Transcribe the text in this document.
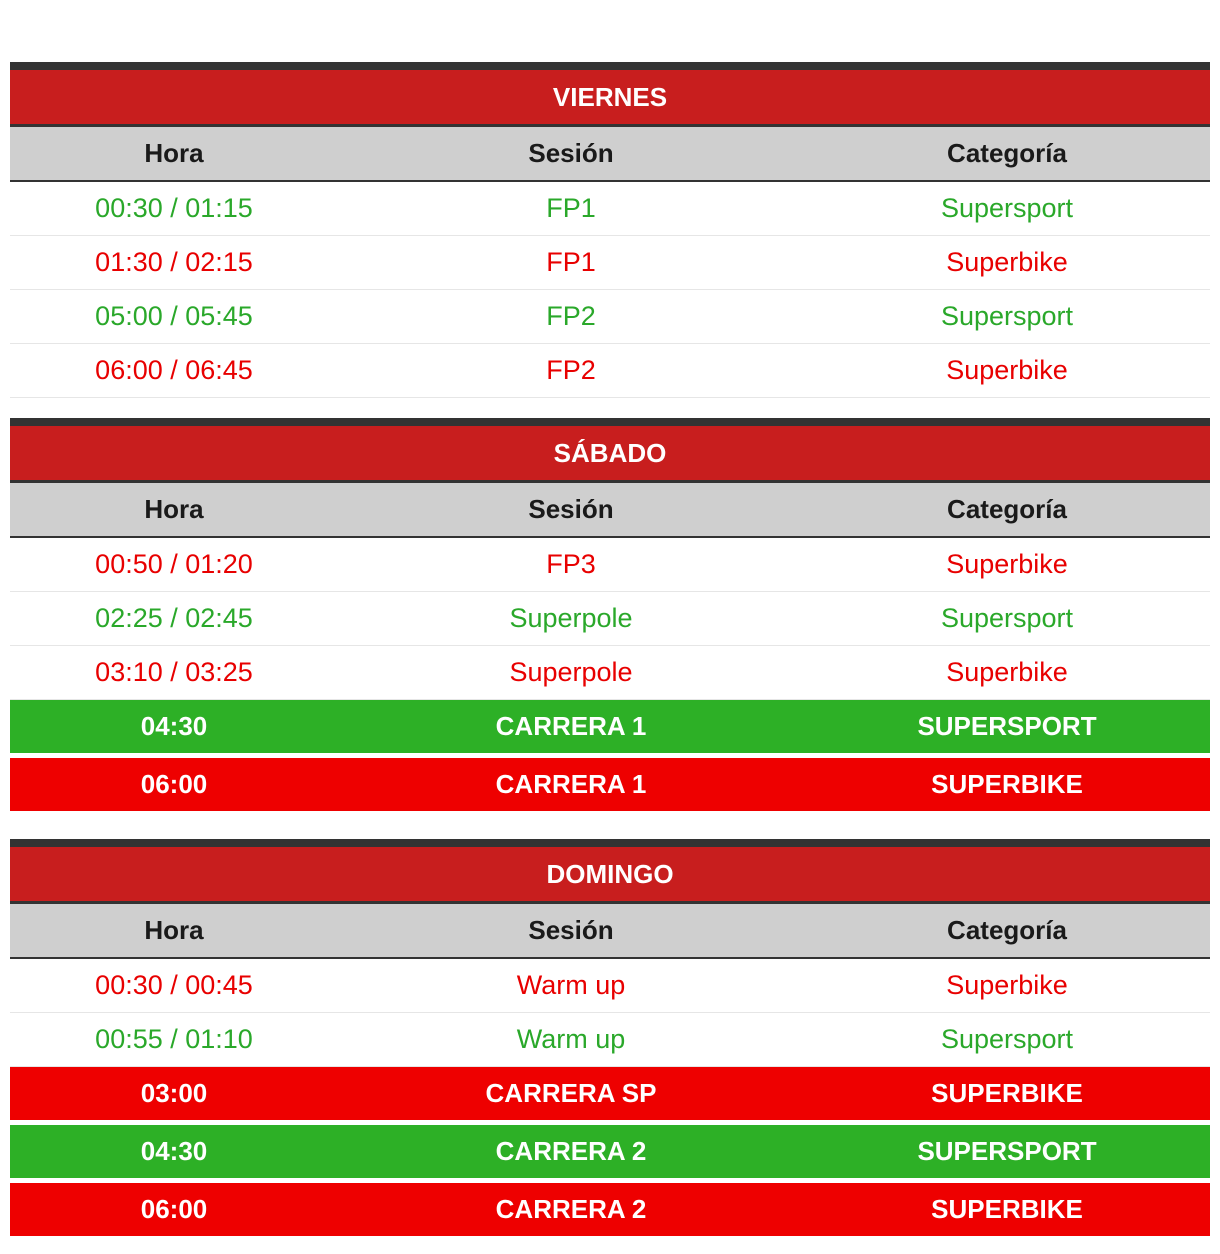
VIERNES		
Hora	Sesión	Categoría
00:30 / 01:15	FP1	Supersport
01:30 / 02:15	FP1	Superbike
05:00 / 05:45	FP2	Supersport
06:00 / 06:45	FP2	Superbike
SÁBADO		
Hora	Sesión	Categoría
00:50 / 01:20	FP3	Superbike
02:25 / 02:45	Superpole	Supersport
03:10 / 03:25	Superpole	Superbike
04:30	CARRERA 1	SUPERSPORT

06:00	CARRERA 1	SUPERBIKE
DOMINGO		
Hora	Sesión	Categoría
00:30 / 00:45	Warm up	Superbike
00:55 / 01:10	Warm up	Supersport
03:00	CARRERA SP	SUPERBIKE

04:30	CARRERA 2	SUPERSPORT

06:00	CARRERA 2	SUPERBIKE
